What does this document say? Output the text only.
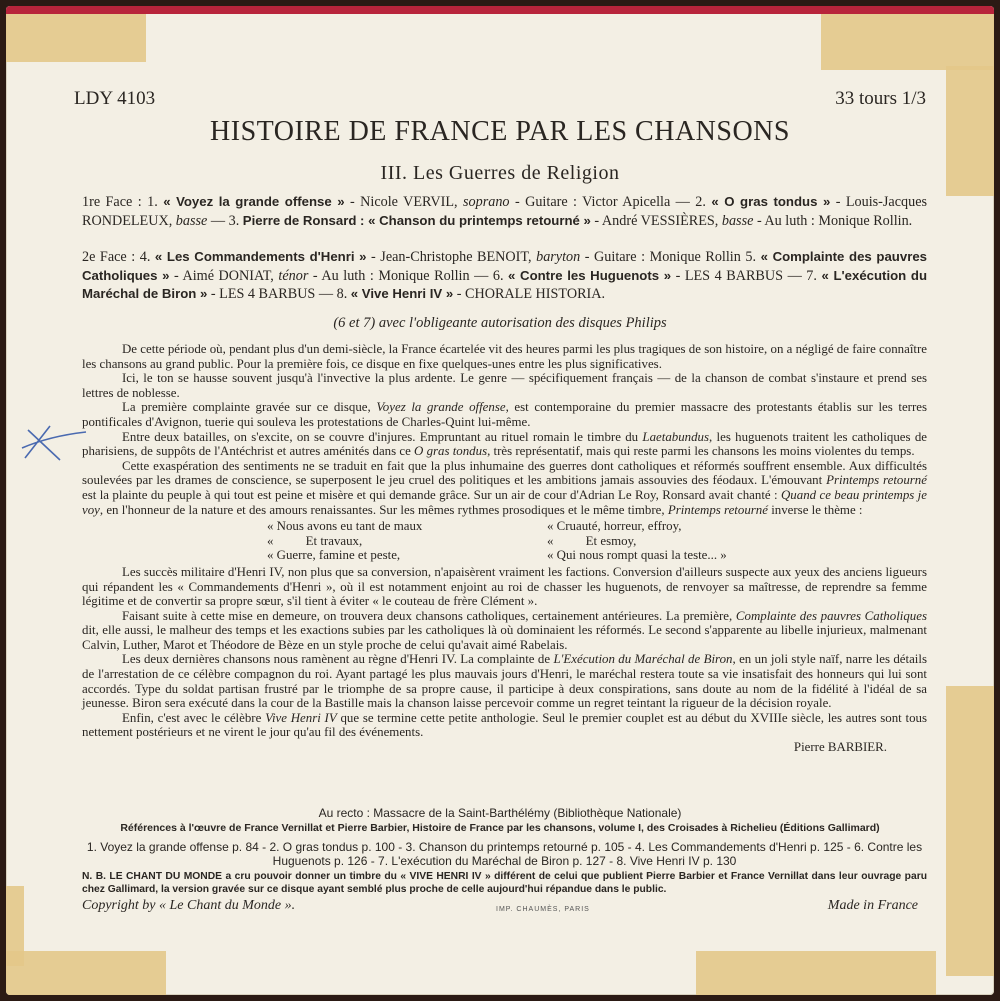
LDY 4103	33 tours 1/3
HISTOIRE DE FRANCE PAR LES CHANSONS
III. Les Guerres de Religion
1re Face : 1. « Voyez la grande offense » - Nicole VERVIL, soprano - Guitare : Victor Apicella — 2. « O gras tondus » - Louis-Jacques RONDELEUX, basse — 3. Pierre de Ronsard : « Chanson du printemps retourné » - André VESSIÈRES, basse - Au luth : Monique Rollin.
2e Face : 4. « Les Commandements d'Henri » - Jean-Christophe BENOIT, baryton - Guitare : Monique Rollin 5. « Complainte des pauvres Catholiques » - Aimé DONIAT, ténor - Au luth : Monique Rollin — 6. « Contre les Huguenots » - LES 4 BARBUS — 7. « L'exécution du Maréchal de Biron » - LES 4 BARBUS — 8. « Vive Henri IV » - CHORALE HISTORIA.
(6 et 7) avec l'obligeante autorisation des disques Philips

De cette période où, pendant plus d'un demi-siècle, la France écartelée vit des heures parmi les plus tragiques de son histoire, on a négligé de faire connaître les chansons au grand public. Pour la première fois, ce disque en fixe quelques-unes entre les plus significatives.

Ici, le ton se hausse souvent jusqu'à l'invective la plus ardente. Le genre — spécifiquement français — de la chanson de combat s'instaure et prend ses lettres de noblesse.

La première complainte gravée sur ce disque, Voyez la grande offense, est contemporaine du premier massacre des protestants établis sur les terres pontificales d'Avignon, tuerie qui souleva les protestations de Charles-Quint lui-même.

Entre deux batailles, on s'excite, on se couvre d'injures. Empruntant au rituel romain le timbre du Laetabundus, les huguenots traitent les catholiques de pharisiens, de suppôts de l'Antéchrist et autres aménités dans ce O gras tondus, très représentatif, mais qui reste parmi les chansons les moins violentes du temps.

Cette exaspération des sentiments ne se traduit en fait que la plus inhumaine des guerres dont catholiques et réformés souffrent ensemble. Aux difficultés soulevées par les drames de conscience, se superposent le jeu cruel des politiques et les ambitions jamais assouvies des féodaux. L'émouvant Printemps retourné est la plainte du peuple à qui tout est peine et misère et qui demande grâce. Sur un air de cour d'Adrian Le Roy, Ronsard avait chanté : Quand ce beau printemps je voy, en l'honneur de la nature et des amours renaissantes. Sur les mêmes rythmes prosodiques et le même timbre, Printemps retourné inverse le thème :

« Nous avons eu tant de maux	« Cruauté, horreur, effroy,
«          Et travaux,	«          Et esmoy,
« Guerre, famine et peste,	« Qui nous rompt quasi la teste... »

Les succès militaire d'Henri IV, non plus que sa conversion, n'apaisèrent vraiment les factions. Conversion d'ailleurs suspecte aux yeux des anciens ligueurs qui répandent les « Commandements d'Henri », où il est notamment enjoint au roi de chasser les huguenots, de renvoyer sa maîtresse, de reprendre sa femme légitime et de convertir sa propre sœur, s'il tient à éviter « le couteau de frère Clément ».

Faisant suite à cette mise en demeure, on trouvera deux chansons catholiques, certainement antérieures. La première, Complainte des pauvres Catholiques dit, elle aussi, le malheur des temps et les exactions subies par les catholiques là où dominaient les réformés. Le second s'apparente au libelle injurieux, malmenant Calvin, Luther, Marot et Théodore de Bèze en un style proche de celui qu'avait aimé Rabelais.

Les deux dernières chansons nous ramènent au règne d'Henri IV. La complainte de L'Exécution du Maréchal de Biron, en un joli style naïf, narre les détails de l'arrestation de ce célèbre compagnon du roi. Ayant partagé les plus mauvais jours d'Henri, le maréchal restera toute sa vie insatisfait des honneurs qui lui sont accordés. Type du soldat partisan frustré par le triomphe de sa propre cause, il participe à deux conspirations, sans doute au nom de la fidélité à l'idéal de sa jeunesse. Biron sera exécuté dans la cour de la Bastille mais la chanson laisse percevoir comme un regret teintant la rigueur de la décision royale.

Enfin, c'est avec le célèbre Vive Henri IV que se termine cette petite anthologie. Seul le premier couplet est au début du XVIIIe siècle, les autres sont tous nettement postérieurs et ne virent le jour qu'au fil des événements.

Pierre BARBIER.
Au recto : Massacre de la Saint-Barthélémy (Bibliothèque Nationale)
Références à l'œuvre de France Vernillat et Pierre Barbier, Histoire de France par les chansons, volume I, des Croisades à Richelieu (Éditions Gallimard)
1. Voyez la grande offense p. 84 - 2. O gras tondus p. 100 - 3. Chanson du printemps retourné p. 105 - 4. Les Commandements d'Henri p. 125 - 6. Contre les Huguenots p. 126 - 7. L'exécution du Maréchal de Biron p. 127 - 8. Vive Henri IV p. 130
N. B. LE CHANT DU MONDE a cru pouvoir donner un timbre du « VIVE HENRI IV » différent de celui que publient Pierre Barbier et France Vernillat dans leur ouvrage paru chez Gallimard, la version gravée sur ce disque ayant semblé plus proche de celle aujourd'hui répandue dans le public.
Copyright by « Le Chant du Monde ».	IMP. CHAUMÈS, PARIS	Made in France
